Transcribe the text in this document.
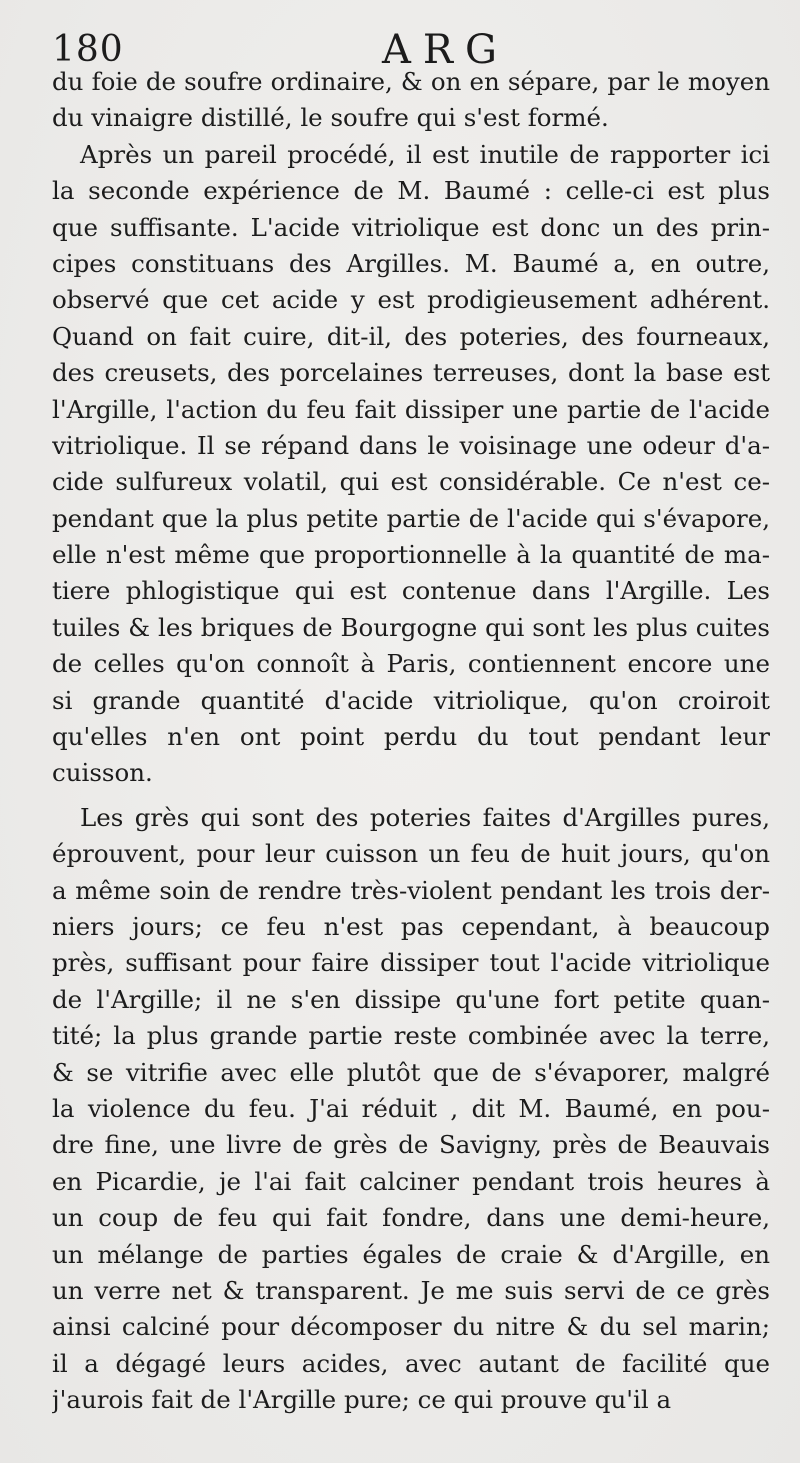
180	ARG
du foie de soufre ordinaire, & on en sépare, par le moyen
du vinaigre distillé, le soufre qui s'est formé.
Après un pareil procédé, il est inutile de rapporter ici
la seconde expérience de M. Baumé : celle-ci est plus
que suffisante. L'acide vitriolique est donc un des prin-
cipes constituans des Argilles. M. Baumé a, en outre,
observé que cet acide y est prodigieusement adhérent.
Quand on fait cuire, dit-il, des poteries, des fourneaux,
des creusets, des porcelaines terreuses, dont la base est
l'Argille, l'action du feu fait dissiper une partie de l'acide
vitriolique. Il se répand dans le voisinage une odeur d'a-
cide sulfureux volatil, qui est considérable. Ce n'est ce-
pendant que la plus petite partie de l'acide qui s'évapore,
elle n'est même que proportionnelle à la quantité de ma-
tiere phlogistique qui est contenue dans l'Argille. Les
tuiles & les briques de Bourgogne qui sont les plus cuites
de celles qu'on connoît à Paris, contiennent encore une
si grande quantité d'acide vitriolique, qu'on croiroit
qu'elles n'en ont point perdu du tout pendant leur
cuisson.
Les grès qui sont des poteries faites d'Argilles pures,
éprouvent, pour leur cuisson un feu de huit jours, qu'on
a même soin de rendre très-violent pendant les trois der-
niers jours; ce feu n'est pas cependant, à beaucoup
près, suffisant pour faire dissiper tout l'acide vitriolique
de l'Argille; il ne s'en dissipe qu'une fort petite quan-
tité; la plus grande partie reste combinée avec la terre,
& se vitrifie avec elle plutôt que de s'évaporer, malgré
la violence du feu. J'ai réduit , dit M. Baumé, en pou-
dre fine, une livre de grès de Savigny, près de Beauvais
en Picardie, je l'ai fait calciner pendant trois heures à
un coup de feu qui fait fondre, dans une demi-heure,
un mélange de parties égales de craie & d'Argille, en
un verre net & transparent. Je me suis servi de ce grès
ainsi calciné pour décomposer du nitre & du sel marin;
il a dégagé leurs acides, avec autant de facilité que
j'aurois fait de l'Argille pure; ce qui prouve qu'il a
